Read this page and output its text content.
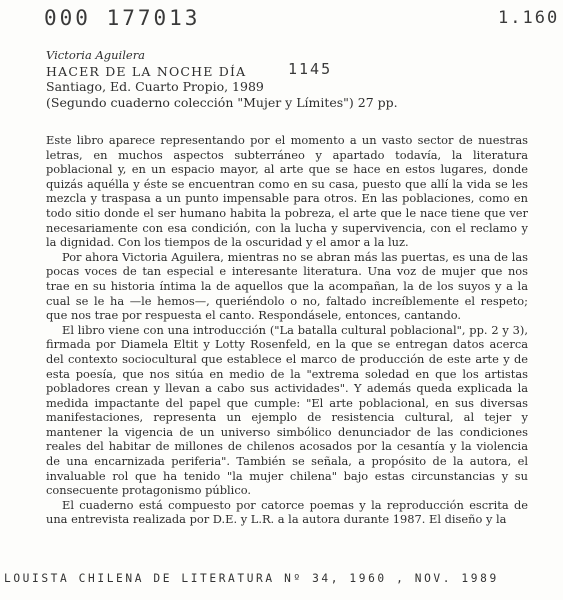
000 177013	1.160
1145
Victoria Aguilera
HACER DE LA NOCHE DÍA
Santiago, Ed. Cuarto Propio, 1989
(Segundo cuaderno colección "Mujer y Límites") 27 pp.

Este libro aparece representando por el momento a un vasto sector de nuestras letras, en muchos aspectos subterráneo y apartado todavía, la literatura poblacional y, en un espacio mayor, al arte que se hace en estos lugares, donde quizás aquélla y éste se encuentran como en su casa, puesto que allí la vida se les mezcla y traspasa a un punto impensable para otros. En las poblaciones, como en todo sitio donde el ser humano habita la pobreza, el arte que le nace tiene que ver necesariamente con esa condición, con la lucha y supervivencia, con el reclamo y la dignidad. Con los tiempos de la oscuridad y el amor a la luz.

Por ahora Victoria Aguilera, mientras no se abran más las puertas, es una de las pocas voces de tan especial e interesante literatura. Una voz de mujer que nos trae en su historia íntima la de aquellos que la acompañan, la de los suyos y a la cual se le ha —le hemos—, queriéndolo o no, faltado increíblemente el respeto; que nos trae por respuesta el canto. Respondásele, entonces, cantando.

El libro viene con una introducción ("La batalla cultural poblacional", pp. 2 y 3), firmada por Diamela Eltit y Lotty Rosenfeld, en la que se entregan datos acerca del contexto sociocultural que establece el marco de producción de este arte y de esta poesía, que nos sitúa en medio de la "extrema soledad en que los artistas pobladores crean y llevan a cabo sus actividades". Y además queda explicada la medida impactante del papel que cumple: "El arte poblacional, en sus diversas manifestaciones, representa un ejemplo de resistencia cultural, al tejer y mantener la vigencia de un universo simbólico denunciador de las condiciones reales del habitar de millones de chilenos acosados por la cesantía y la violencia de una encarnizada periferia". También se señala, a propósito de la autora, el invaluable rol que ha tenido "la mujer chilena" bajo estas circunstancias y su consecuente protagonismo público.

El cuaderno está compuesto por catorce poemas y la reproducción escrita de una entrevista realizada por D.E. y L.R. a la autora durante 1987. El diseño y la

LOUISTA CHILENA DE LITERATURA Nº 34, 1960 , NOV. 1989
